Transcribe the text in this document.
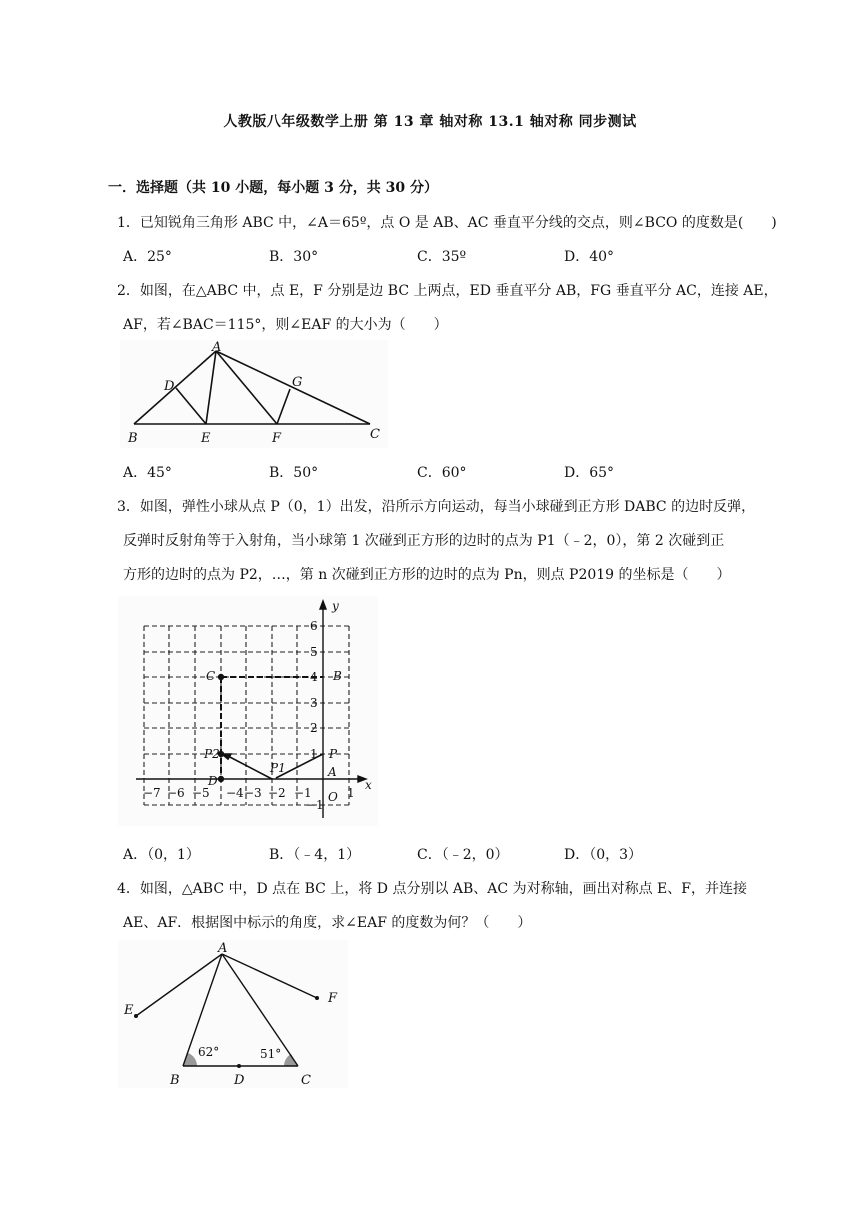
人教版八年级数学上册 第 13 章 轴对称 13.1 轴对称 同步测试
一．选择题（共 10 小题，每小题 3 分，共 30 分）
1．已知锐角三角形 ABC 中，∠A＝65º，点 O 是 AB、AC 垂直平分线的交点，则∠BCO 的度数是(　　)
A．25°	B．30°	C．35º	D．40°
2．如图，在△ABC 中，点 E，F 分别是边 BC 上两点，ED 垂直平分 AB，FG 垂直平分 AC，连接 AE，
AF，若∠BAC＝115°，则∠EAF 的大小为（　　）
A
B	C
D
E	F
G
A．45°	B．50°	C．60°	D．65°
3．如图，弹性小球从点 P（0，1）出发，沿所示方向运动，每当小球碰到正方形 DABC 的边时反弹，
反弹时反射角等于入射角，当小球第 1 次碰到正方形的边时的点为 P1（﹣2，0），第 2 次碰到正
方形的边时的点为 P2，…，第 n 次碰到正方形的边时的点为 Pn，则点 P2019 的坐标是（　　）
−7 −6 −5 −4 −3 −2 −1 O 1
6
5
4
3
2
1
−1
x
y
A
B
C
D
P
P1
P2
A．（0，1）	B．（﹣4，1）	C．（﹣2，0）	D．（0，3）
4．如图，△ABC 中，D 点在 BC 上，将 D 点分别以 AB、AC 为对称轴，画出对称点 E、F，并连接
AE、AF．根据图中标示的角度，求∠EAF 的度数为何？（　　）
A
B	C
D
E
F
62°	51°
